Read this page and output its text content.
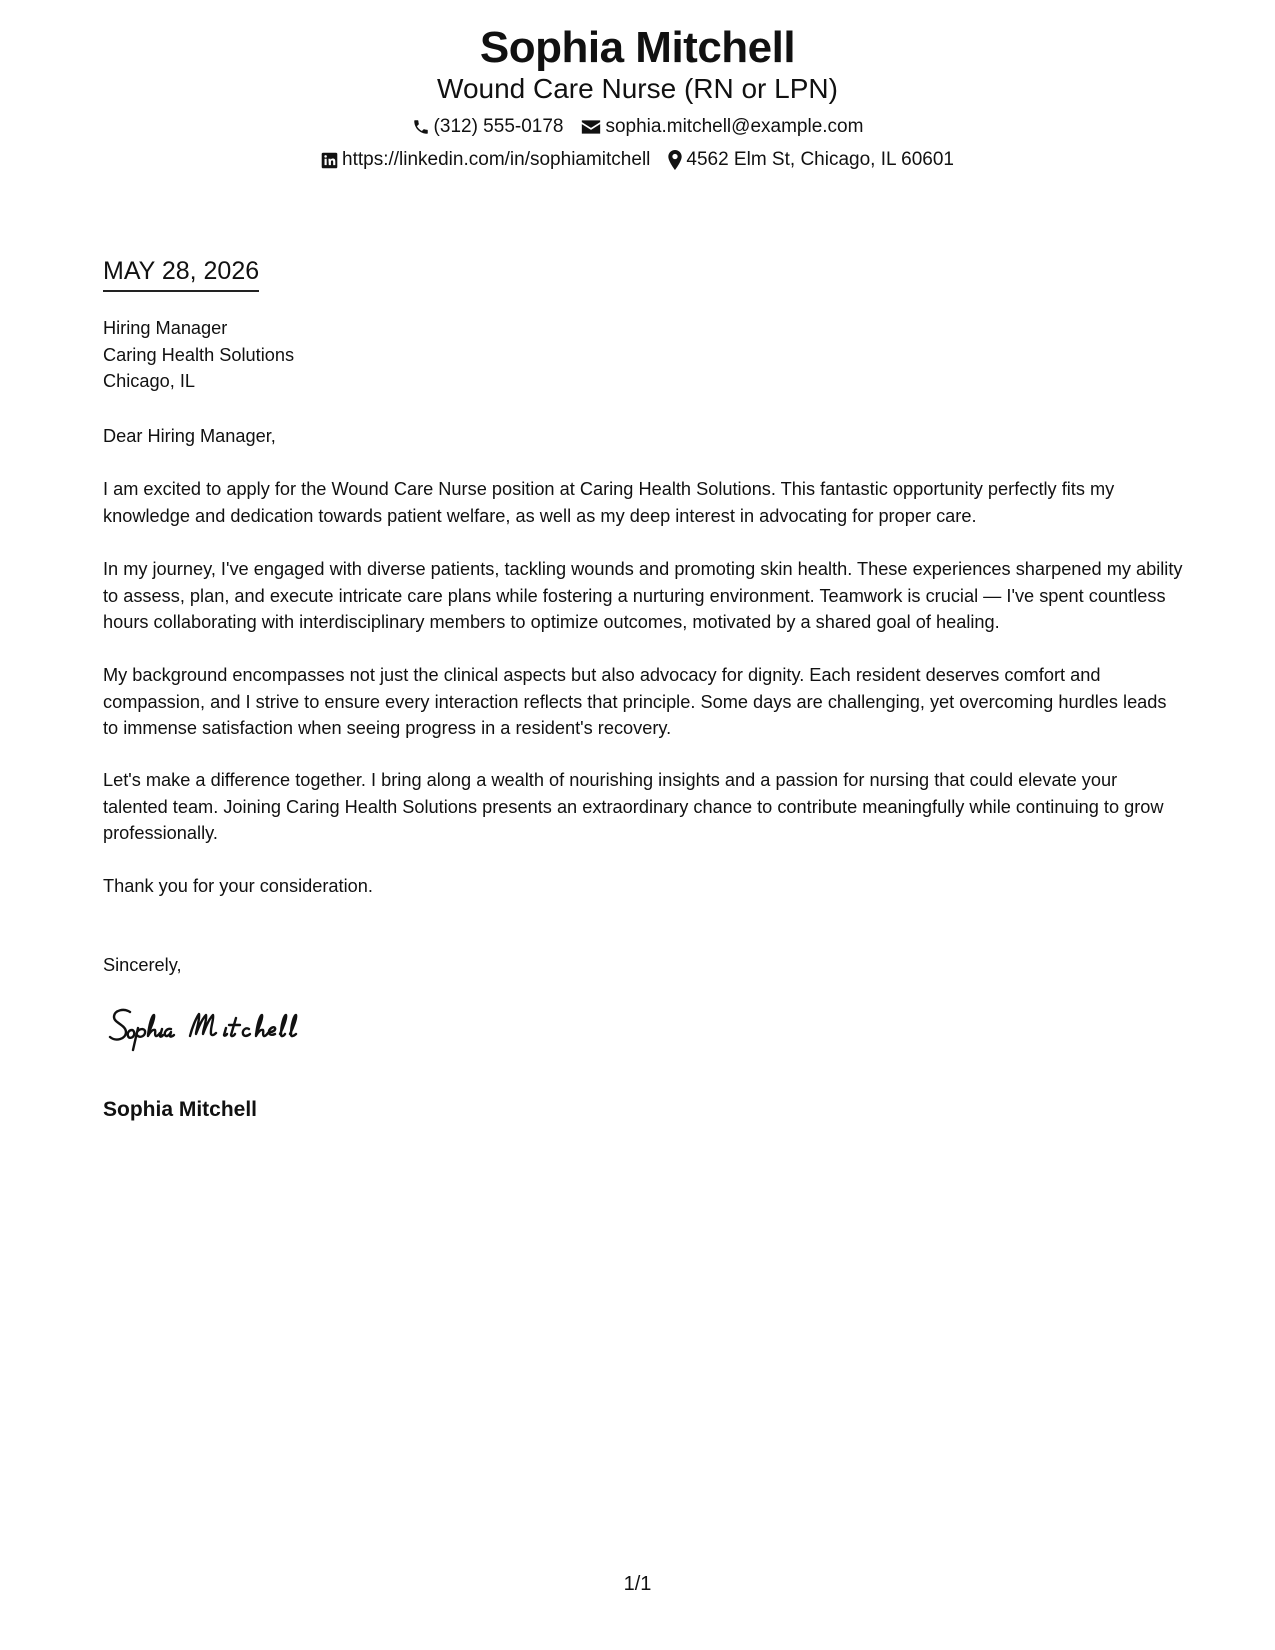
Sophia Mitchell
Wound Care Nurse (RN or LPN)
(312) 555-0178 sophia.mitchell@example.com
https://linkedin.com/in/sophiamitchell 4562 Elm St, Chicago, IL 60601
MAY 28, 2026
Hiring Manager
Caring Health Solutions
Chicago, IL
Dear Hiring Manager,
I am excited to apply for the Wound Care Nurse position at Caring Health Solutions. This fantastic opportunity perfectly fits my knowledge and dedication towards patient welfare, as well as my deep interest in advocating for proper care.
In my journey, I've engaged with diverse patients, tackling wounds and promoting skin health. These experiences sharpened my ability to assess, plan, and execute intricate care plans while fostering a nurturing environment. Teamwork is crucial — I've spent countless hours collaborating with interdisciplinary members to optimize outcomes, motivated by a shared goal of healing.
My background encompasses not just the clinical aspects but also advocacy for dignity. Each resident deserves comfort and compassion, and I strive to ensure every interaction reflects that principle. Some days are challenging, yet overcoming hurdles leads to immense satisfaction when seeing progress in a resident's recovery.
Let's make a difference together. I bring along a wealth of nourishing insights and a passion for nursing that could elevate your talented team. Joining Caring Health Solutions presents an extraordinary chance to contribute meaningfully while continuing to grow professionally.
Thank you for your consideration.
Sincerely,
Sophia Mitchell
1/1
